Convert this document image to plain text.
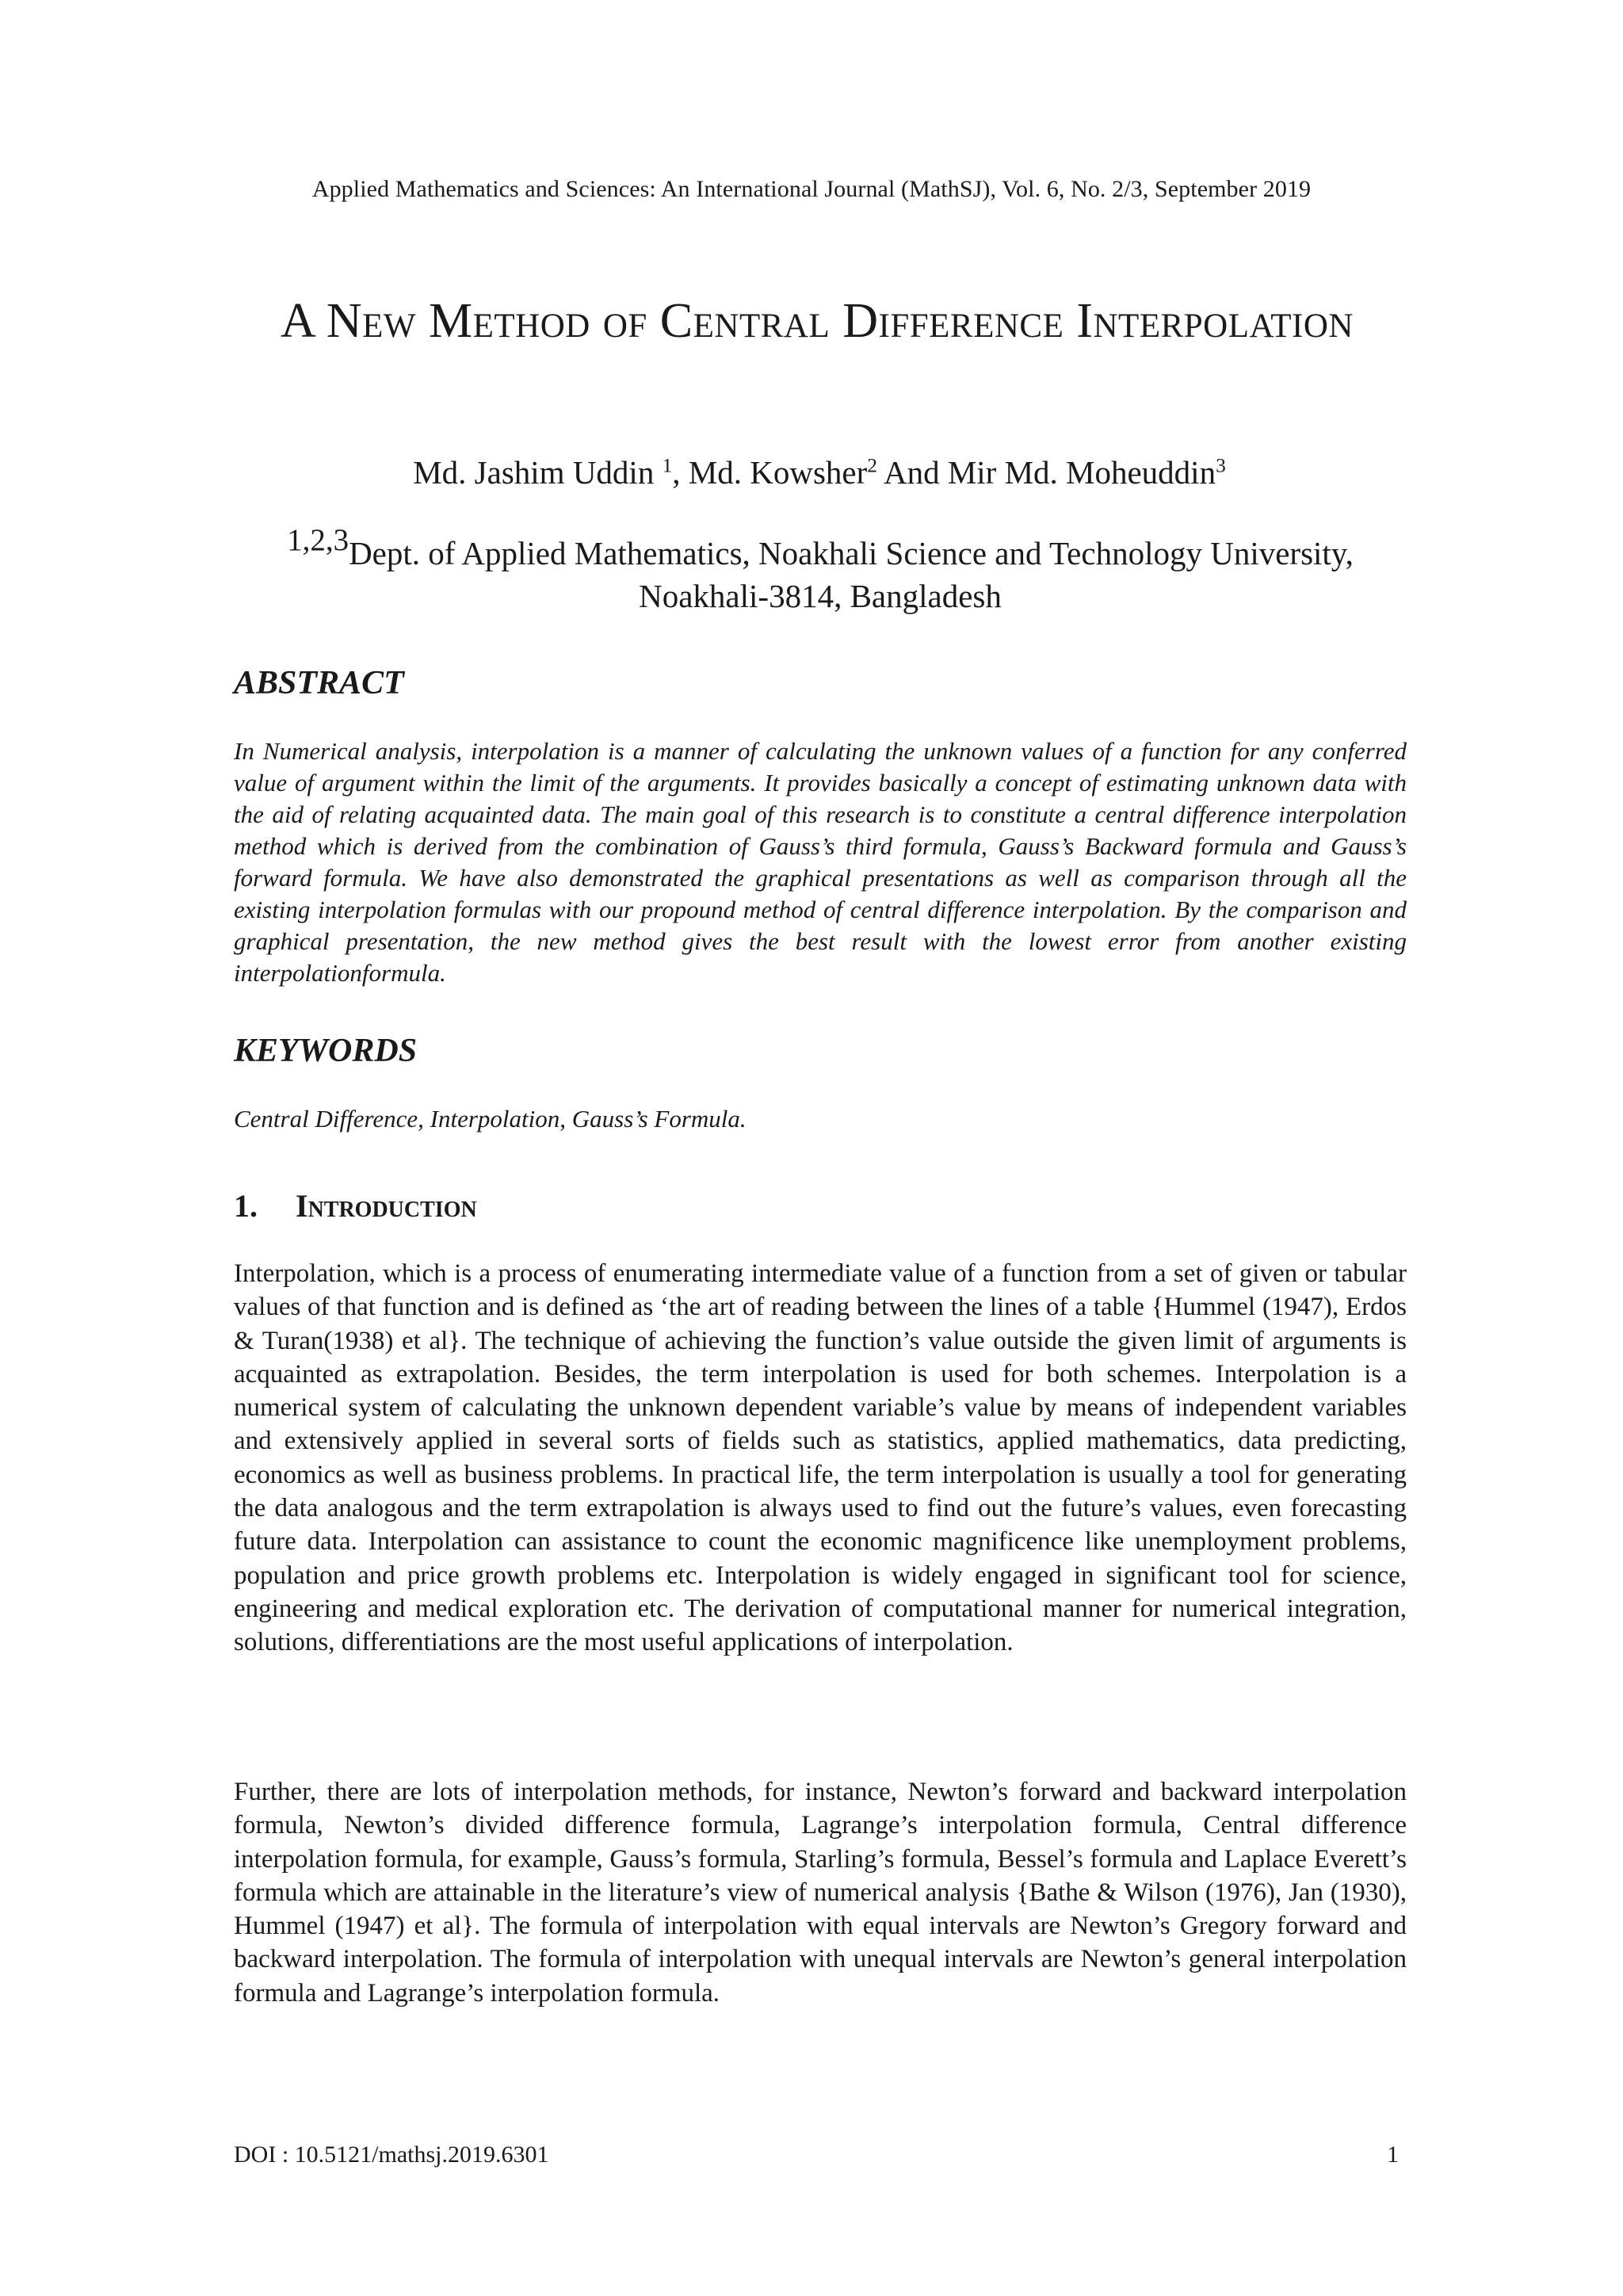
Applied Mathematics and Sciences: An International Journal (MathSJ), Vol. 6, No. 2/3, September 2019
A New Method of Central Difference Interpolation
Md. Jashim Uddin $^1$, Md. Kowsher$^2$ And Mir Md. Moheuddin$^3$
1,2,3Dept. of Applied Mathematics, Noakhali Science and Technology University, Noakhali-3814, Bangladesh
ABSTRACT
In Numerical analysis, interpolation is a manner of calculating the unknown values of a function for any conferred value of argument within the limit of the arguments. It provides basically a concept of estimating unknown data with the aid of relating acquainted data. The main goal of this research is to constitute a central difference interpolation method which is derived from the combination of Gauss’s third formula, Gauss’s Backward formula and Gauss’s forward formula. We have also demonstrated the graphical presentations as well as comparison through all the existing interpolation formulas with our propound method of central difference interpolation. By the comparison and graphical presentation, the new method gives the best result with the lowest error from another existing interpolationformula.
KEYWORDS
Central Difference, Interpolation, Gauss’s Formula.
1. Introduction

Interpolation, which is a process of enumerating intermediate value of a function from a set of given or tabular values of that function and is defined as ‘the art of reading between the lines of a table {Hummel (1947), Erdos & Turan(1938) et al}. The technique of achieving the function’s value outside the given limit of arguments is acquainted as extrapolation. Besides, the term interpolation is used for both schemes. Interpolation is a numerical system of calculating the unknown dependent variable’s value by means of independent variables and extensively applied in several sorts of fields such as statistics, applied mathematics, data predicting, economics as well as business problems. In practical life, the term interpolation is usually a tool for generating the data analogous and the term extrapolation is always used to find out the future’s values, even forecasting future data. Interpolation can assistance to count the economic magnificence like unemployment problems, population and price growth problems etc. Interpolation is widely engaged in significant tool for science, engineering and medical exploration etc. The derivation of computational manner for numerical integration, solutions, differentiations are the most useful applications of interpolation.

Further, there are lots of interpolation methods, for instance, Newton’s forward and backward interpolation formula, Newton’s divided difference formula, Lagrange’s interpolation formula, Central difference interpolation formula, for example, Gauss’s formula, Starling’s formula, Bessel’s formula and Laplace Everett’s formula which are attainable in the literature’s view of numerical analysis {Bathe & Wilson (1976), Jan (1930), Hummel (1947) et al}. The formula of interpolation with equal intervals are Newton’s Gregory forward and backward interpolation. The formula of interpolation with unequal intervals are Newton’s general interpolation formula and Lagrange’s interpolation formula.

DOI : 10.5121/mathsj.2019.6301	1
